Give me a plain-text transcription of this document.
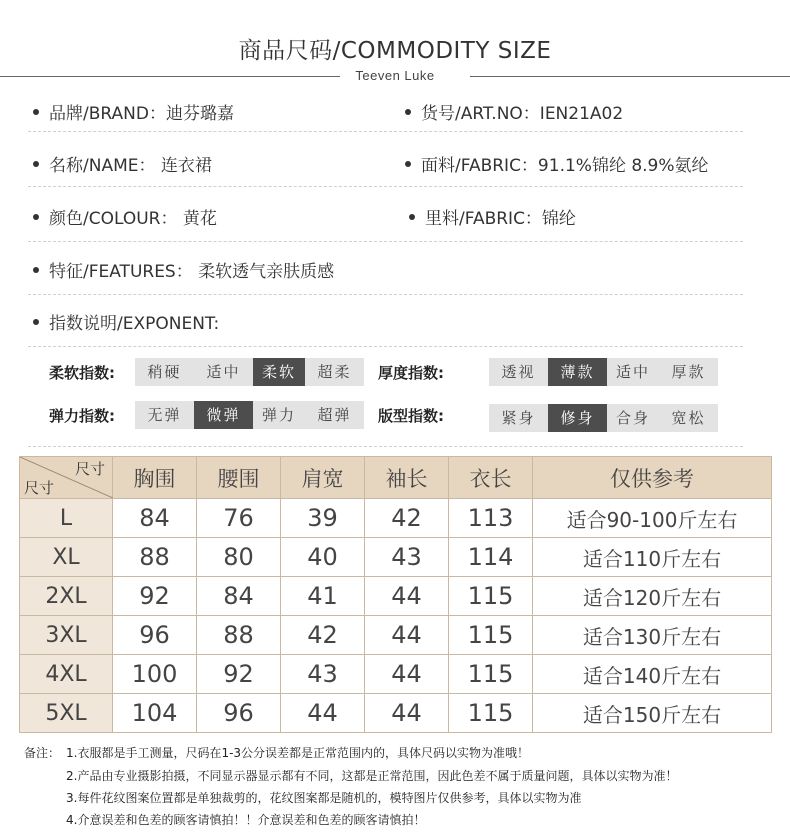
商品尺码/COMMODITY SIZE
Teeven Luke
品牌/BRAND：迪芬璐嘉	货号/ART.NO：IEN21A02
名称/NAME： 连衣裙	面料/FABRIC：91.1%锦纶 8.9%氨纶
颜色/COLOUR： 黄花	里料/FABRIC：锦纶
特征/FEATURES： 柔软透气亲肤质感
指数说明/EXPONENT:
柔软指数:	稍硬	适中	柔软	超柔	厚度指数:	透视	薄款	适中	厚款
弹力指数:	无弹	微弹	弹力	超弹	版型指数:	紧身	修身	合身	宽松
尺寸
尺寸	胸围	腰围	肩宽	袖长	衣长	仅供参考
L	84	76	39	42	113	适合90-100斤左右
XL	88	80	40	43	114	适合110斤左右
2XL	92	84	41	44	115	适合120斤左右
3XL	96	88	42	44	115	适合130斤左右
4XL	100	92	43	44	115	适合140斤左右
5XL	104	96	44	44	115	适合150斤左右
备注： 1.衣服都是手工测量，尺码在1-3公分误差都是正常范围内的，具体尺码以实物为准哦！
2.产品由专业摄影拍摄，不同显示器显示都有不同，这都是正常范围，因此色差不属于质量问题，具体以实物为准！
3.每件花纹图案位置都是单独裁剪的，花纹图案都是随机的，模特图片仅供参考，具体以实物为准
4.介意误差和色差的顾客请慎拍！！介意误差和色差的顾客请慎拍！
